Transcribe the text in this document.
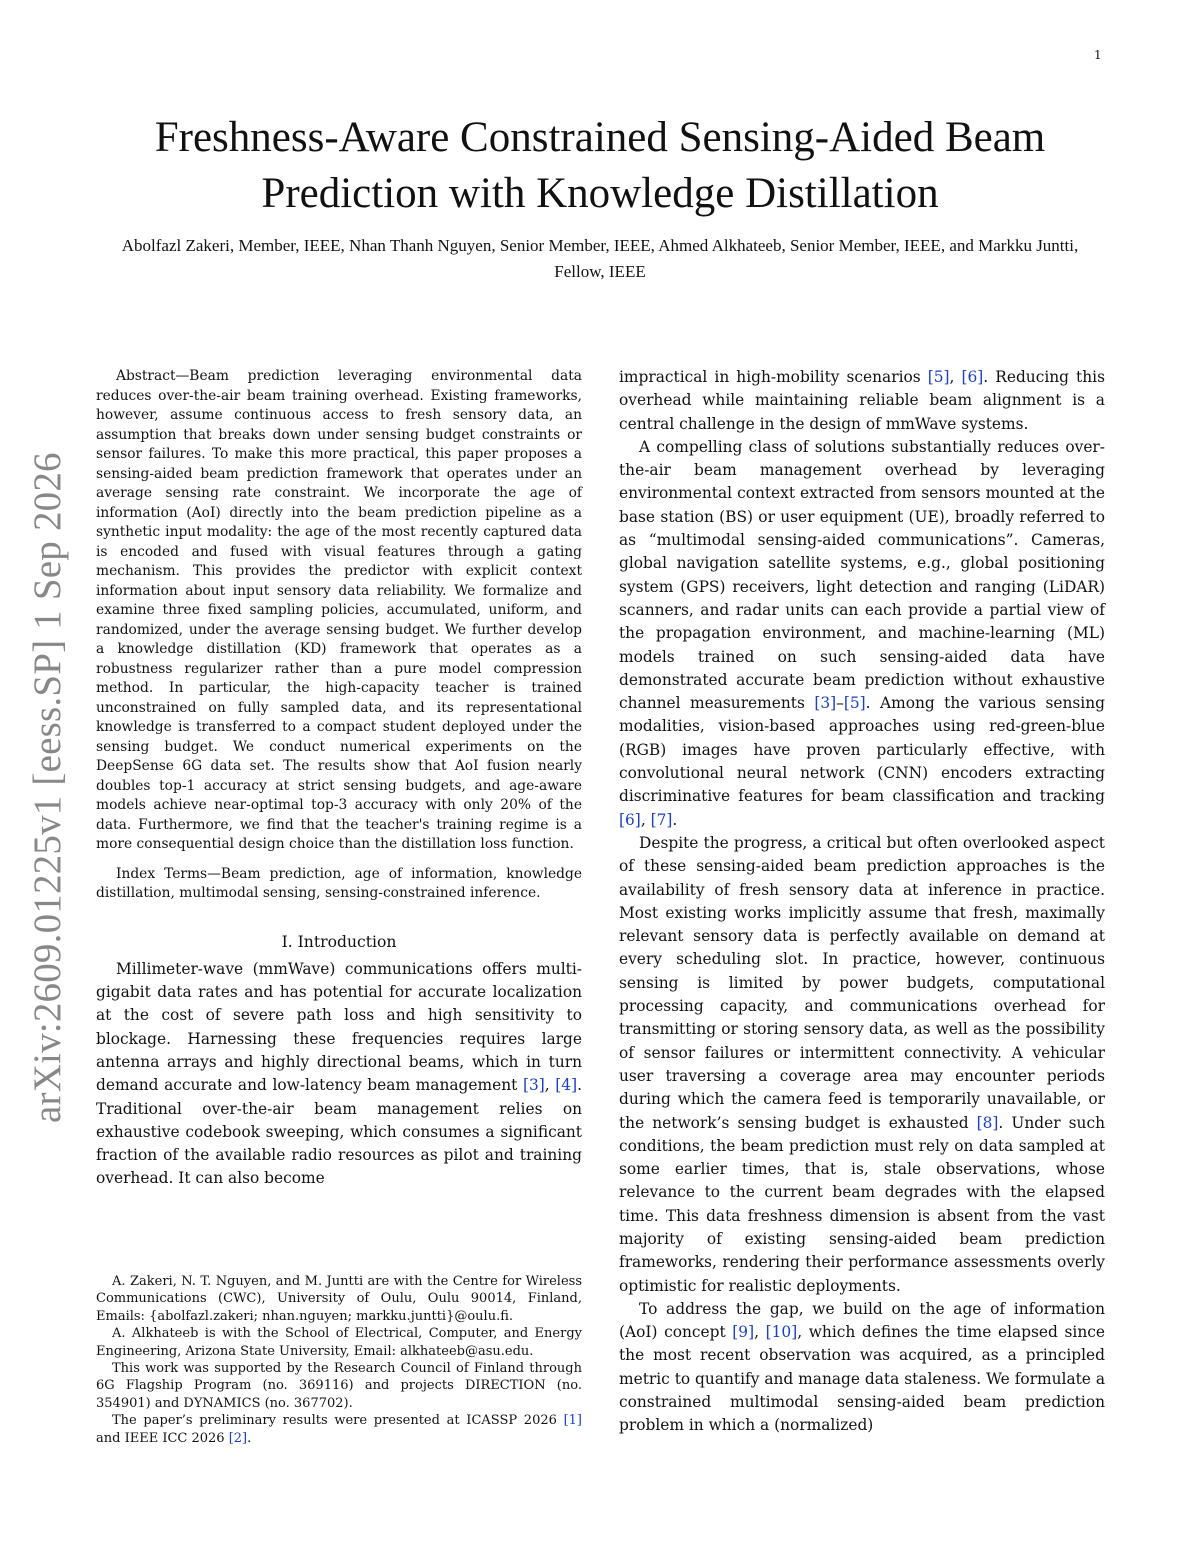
1
arXiv:2609.01225v1 [eess.SP] 1 Sep 2026
Freshness-Aware Constrained Sensing-Aided Beam Prediction with Knowledge Distillation
Abolfazl Zakeri, Member, IEEE, Nhan Thanh Nguyen, Senior Member, IEEE, Ahmed Alkhateeb, Senior Member, IEEE, and Markku Juntti, Fellow, IEEE

Abstract—Beam prediction leveraging environmental data reduces over-the-air beam training overhead. Existing frameworks, however, assume continuous access to fresh sensory data, an assumption that breaks down under sensing budget constraints or sensor failures. To make this more practical, this paper proposes a sensing-aided beam prediction framework that operates under an average sensing rate constraint. We incorporate the age of information (AoI) directly into the beam prediction pipeline as a synthetic input modality: the age of the most recently captured data is encoded and fused with visual features through a gating mechanism. This provides the predictor with explicit context information about input sensory data reliability. We formalize and examine three fixed sampling policies, accumulated, uniform, and randomized, under the average sensing budget. We further develop a knowledge distillation (KD) framework that operates as a robustness regularizer rather than a pure model compression method. In particular, the high-capacity teacher is trained unconstrained on fully sampled data, and its representational knowledge is transferred to a compact student deployed under the sensing budget. We conduct numerical experiments on the DeepSense 6G data set. The results show that AoI fusion nearly doubles top-1 accuracy at strict sensing budgets, and age-aware models achieve near-optimal top-3 accuracy with only 20% of the data. Furthermore, we find that the teacher's training regime is a more consequential design choice than the distillation loss function.

Index Terms—Beam prediction, age of information, knowledge distillation, multimodal sensing, sensing-constrained inference.

I. Introduction

Millimeter-wave (mmWave) communications offers multi-gigabit data rates and has potential for accurate localization at the cost of severe path loss and high sensitivity to blockage. Harnessing these frequencies requires large antenna arrays and highly directional beams, which in turn demand accurate and low-latency beam management [3], [4]. Traditional over-the-air beam management relies on exhaustive codebook sweeping, which consumes a significant fraction of the available radio resources as pilot and training overhead. It can also become

A. Zakeri, N. T. Nguyen, and M. Juntti are with the Centre for Wireless Communications (CWC), University of Oulu, Oulu 90014, Finland, Emails: {abolfazl.zakeri; nhan.nguyen; markku.juntti}@oulu.fi.

A. Alkhateeb is with the School of Electrical, Computer, and Energy Engineering, Arizona State University, Email: alkhateeb@asu.edu.

This work was supported by the Research Council of Finland through 6G Flagship Program (no. 369116) and projects DIRECTION (no. 354901) and DYNAMICS (no. 367702).

The paper’s preliminary results were presented at ICASSP 2026 [1] and IEEE ICC 2026 [2].

impractical in high-mobility scenarios [5], [6]. Reducing this overhead while maintaining reliable beam alignment is a central challenge in the design of mmWave systems.

A compelling class of solutions substantially reduces over-the-air beam management overhead by leveraging environmental context extracted from sensors mounted at the base station (BS) or user equipment (UE), broadly referred to as “multimodal sensing-aided communications”. Cameras, global navigation satellite systems, e.g., global positioning system (GPS) receivers, light detection and ranging (LiDAR) scanners, and radar units can each provide a partial view of the propagation environment, and machine-learning (ML) models trained on such sensing-aided data have demonstrated accurate beam prediction without exhaustive channel measurements [3]–[5]. Among the various sensing modalities, vision-based approaches using red-green-blue (RGB) images have proven particularly effective, with convolutional neural network (CNN) encoders extracting discriminative features for beam classification and tracking [6], [7].

Despite the progress, a critical but often overlooked aspect of these sensing-aided beam prediction approaches is the availability of fresh sensory data at inference in practice. Most existing works implicitly assume that fresh, maximally relevant sensory data is perfectly available on demand at every scheduling slot. In practice, however, continuous sensing is limited by power budgets, computational processing capacity, and communications overhead for transmitting or storing sensory data, as well as the possibility of sensor failures or intermittent connectivity. A vehicular user traversing a coverage area may encounter periods during which the camera feed is temporarily unavailable, or the network’s sensing budget is exhausted [8]. Under such conditions, the beam prediction must rely on data sampled at some earlier times, that is, stale observations, whose relevance to the current beam degrades with the elapsed time. This data freshness dimension is absent from the vast majority of existing sensing-aided beam prediction frameworks, rendering their performance assessments overly optimistic for realistic deployments.

To address the gap, we build on the age of information (AoI) concept [9], [10], which defines the time elapsed since the most recent observation was acquired, as a principled metric to quantify and manage data staleness. We formulate a constrained multimodal sensing-aided beam prediction problem in which a (normalized)
